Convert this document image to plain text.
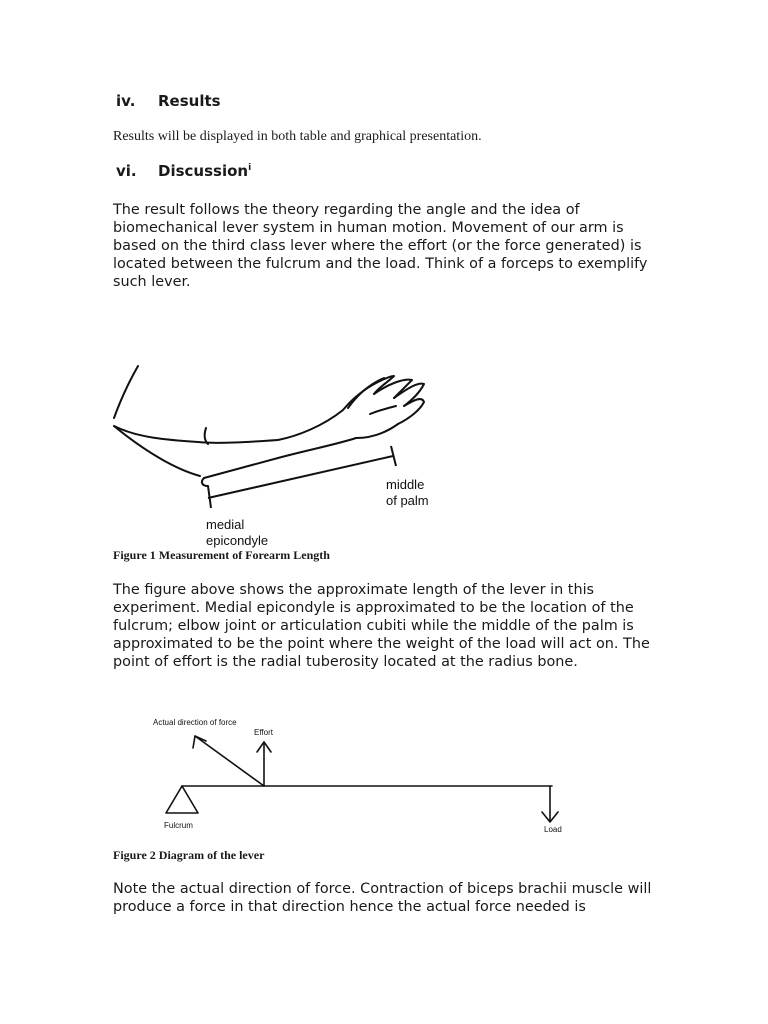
iv. Results
Results will be displayed in both table and graphical presentation.
vi. Discussion$^i$
The result follows the theory regarding the angle and the idea of biomechanical lever system in human motion. Movement of our arm is based on the third class lever where the effort (or the force generated) is located between the fulcrum and the load. Think of a forceps to exemplify such lever.
middle
of palm
medial
epicondyle
Figure 1 Measurement of Forearm Length
The figure above shows the approximate length of the lever in this experiment. Medial epicondyle is approximated to be the location of the fulcrum; elbow joint or articulation cubiti while the middle of the palm is approximated to be the point where the weight of the load will act on. The point of effort is the radial tuberosity located at the radius bone.
Actual direction of force
Effort
Fulcrum	Load
Figure 2 Diagram of the lever
Note the actual direction of force. Contraction of biceps brachii muscle will produce a force in that direction hence the actual force needed is
